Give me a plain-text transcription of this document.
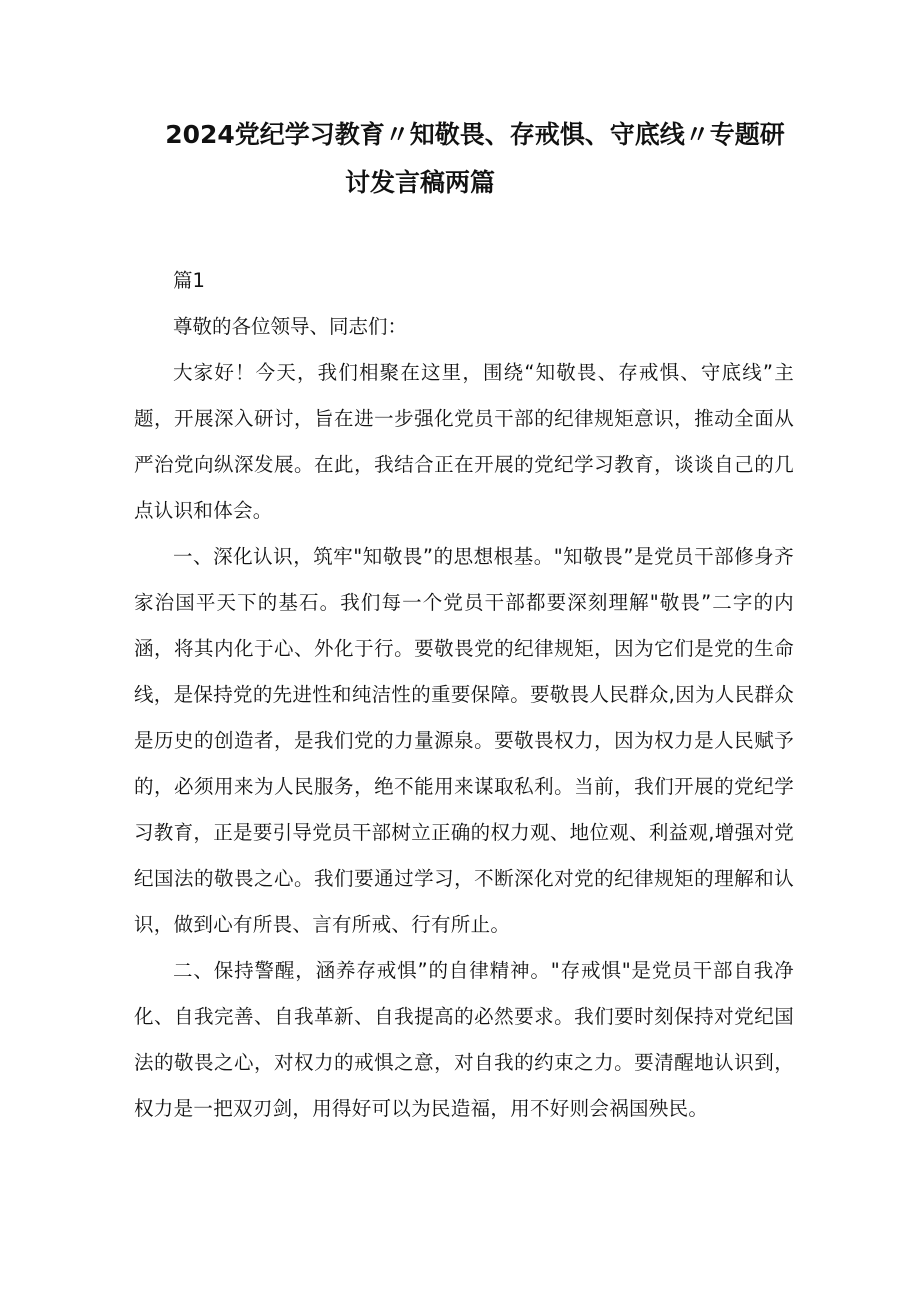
2024党纪学习教育〃知敬畏、存戒惧、守底线〃专题研
讨发言稿两篇
篇1
尊敬的各位领导、同志们：

大家好！今天，我们相聚在这里，围绕“知敬畏、存戒惧、守底线”主题，开展深入研讨，旨在进一步强化党员干部的纪律规矩意识，推动全面从严治党向纵深发展。在此，我结合正在开展的党纪学习教育，谈谈自己的几点认识和体会。

一、深化认识，筑牢"知敬畏”的思想根基。"知敬畏”是党员干部修身齐家治国平天下的基石。我们每一个党员干部都要深刻理解"敬畏”二字的内涵，将其内化于心、外化于行。要敬畏党的纪律规矩，因为它们是党的生命线，是保持党的先进性和纯洁性的重要保障。要敬畏人民群众,因为人民群众是历史的创造者，是我们党的力量源泉。要敬畏权力，因为权力是人民赋予的，必须用来为人民服务，绝不能用来谋取私利。当前，我们开展的党纪学习教育，正是要引导党员干部树立正确的权力观、地位观、利益观,增强对党纪国法的敬畏之心。我们要通过学习，不断深化对党的纪律规矩的理解和认识，做到心有所畏、言有所戒、行有所止。

二、保持警醒，涵养存戒惧”的自律精神。"存戒惧"是党员干部自我净化、自我完善、自我革新、自我提高的必然要求。我们要时刻保持对党纪国法的敬畏之心，对权力的戒惧之意，对自我的约束之力。要清醒地认识到，权力是一把双刃剑，用得好可以为民造福，用不好则会祸国殃民。
